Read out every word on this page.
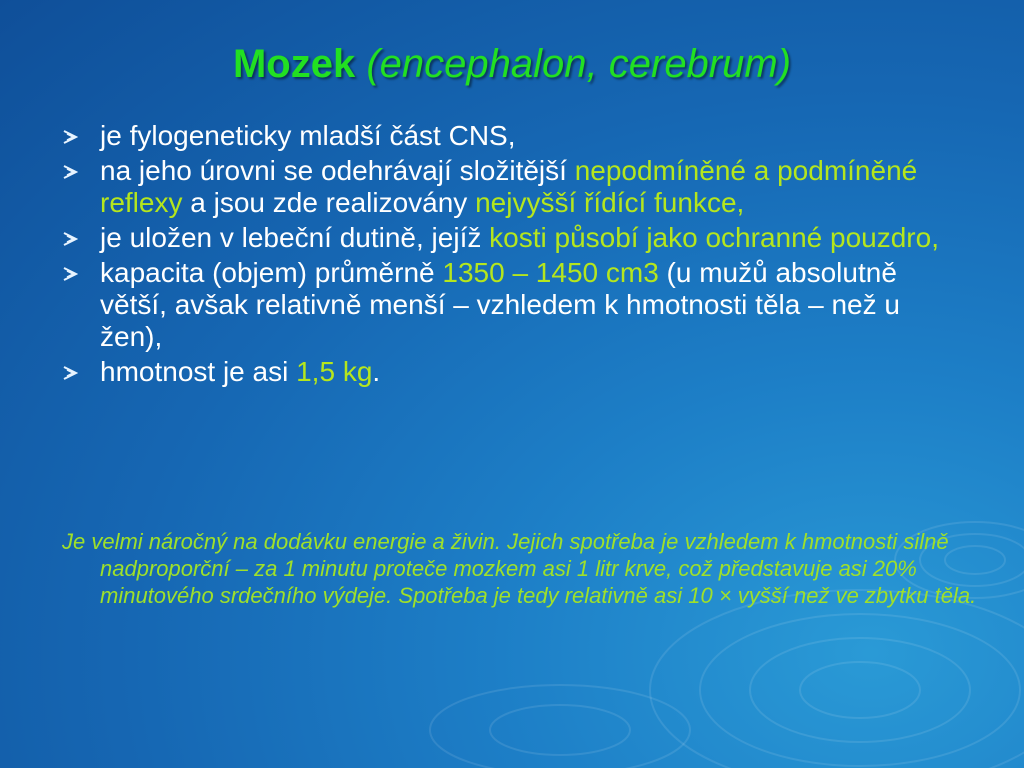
Mozek (encephalon, cerebrum)
je fylogeneticky mladší část CNS,
na jeho úrovni se odehrávají složitější nepodmíněné a podmíněné reflexy a jsou zde realizovány nejvyšší řídící funkce,
je uložen v lebeční dutině, jejíž kosti působí jako ochranné pouzdro,
kapacita (objem) průměrně 1350 – 1450 cm3 (u mužů absolutně větší, avšak relativně menší – vzhledem k hmotnosti těla – než u žen),
hmotnost je asi 1,5 kg.
Je velmi náročný na dodávku energie a živin. Jejich spotřeba je vzhledem k hmotnosti silně nadproporční – za 1 minutu proteče mozkem asi 1 litr krve, což představuje asi 20% minutového srdečního výdeje. Spotřeba je tedy relativně asi 10 × vyšší než ve zbytku těla.
